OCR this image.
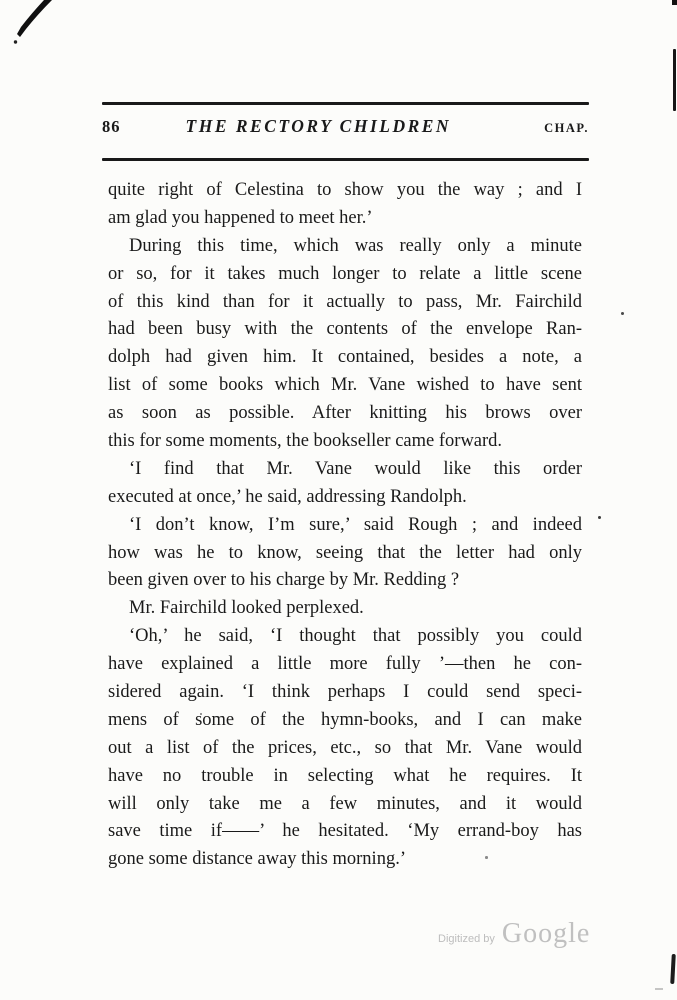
86	THE RECTORY CHILDREN	CHAP.
quite right of Celestina to show you the way ; and I
am glad you happened to meet her.’
During this time, which was really only a minute
or so, for it takes much longer to relate a little scene
of this kind than for it actually to pass, Mr. Fairchild
had been busy with the contents of the envelope Ran-
dolph had given him. It contained, besides a note, a
list of some books which Mr. Vane wished to have sent
as soon as possible. After knitting his brows over
this for some moments, the bookseller came forward.
‘I find that Mr. Vane would like this order
executed at once,’ he said, addressing Randolph.
‘I don’t know, I’m sure,’ said Rough ; and indeed
how was he to know, seeing that the letter had only
been given over to his charge by Mr. Redding ?
Mr. Fairchild looked perplexed.
‘Oh,’ he said, ‘I thought that possibly you could
have explained a little more fully ’—then he con-
sidered again. ‘I think perhaps I could send speci-
mens of some of the hymn-books, and I can make
out a list of the prices, etc., so that Mr. Vane would
have no trouble in selecting what he requires. It
will only take me a few minutes, and it would
save time if——’ he hesitated. ‘My errand-boy has
gone some distance away this morning.’
Digitized by Google
